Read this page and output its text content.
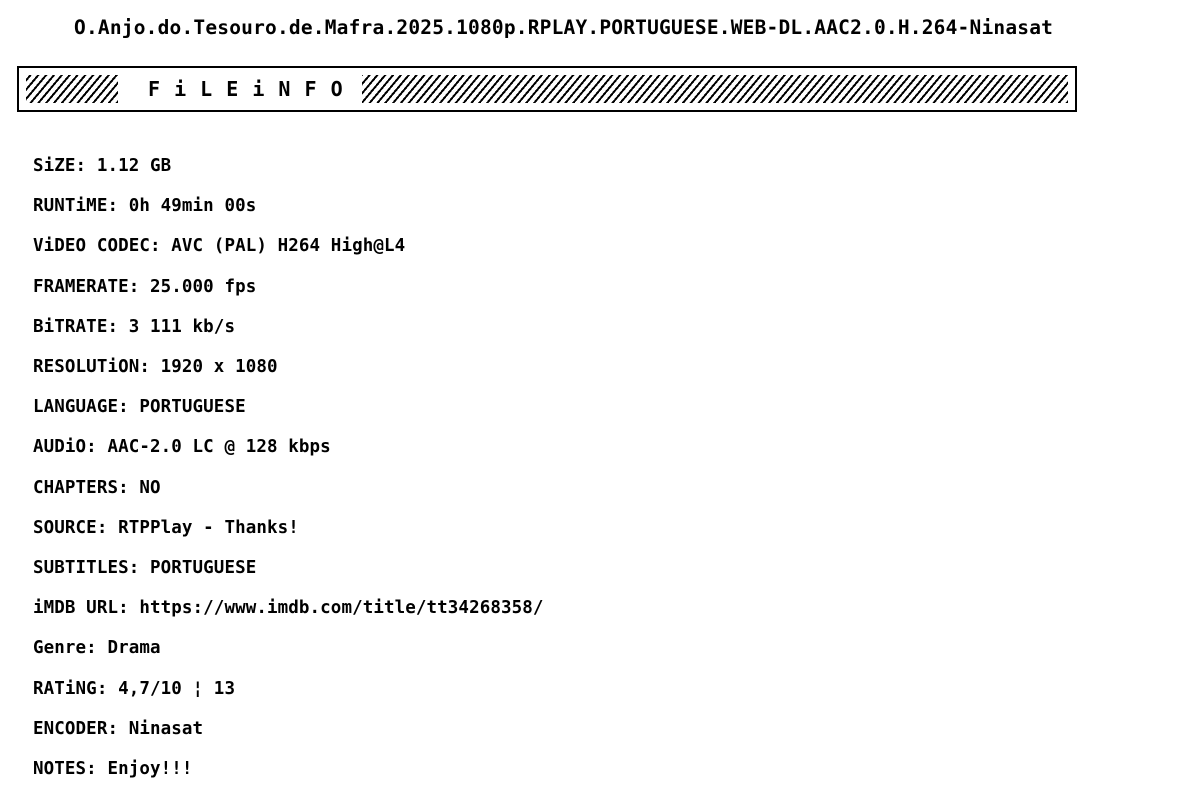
O.Anjo.do.Tesouro.de.Mafra.2025.1080p.RPLAY.PORTUGUESE.WEB-DL.AAC2.0.H.264-Ninasat
F i L E i N F O
SiZE: 1.12 GB
RUNTiME: 0h 49min 00s
ViDEO CODEC: AVC (PAL) H264 High@L4
FRAMERATE: 25.000 fps
BiTRATE: 3 111 kb/s
RESOLUTiON: 1920 x 1080
LANGUAGE: PORTUGUESE
AUDiO: AAC-2.0 LC @ 128 kbps
CHAPTERS: NO
SOURCE: RTPPlay - Thanks!
SUBTITLES: PORTUGUESE
iMDB URL: https://www.imdb.com/title/tt34268358/
Genre: Drama
RATiNG: 4,7/10 ¦ 13
ENCODER: Ninasat
NOTES: Enjoy!!!
